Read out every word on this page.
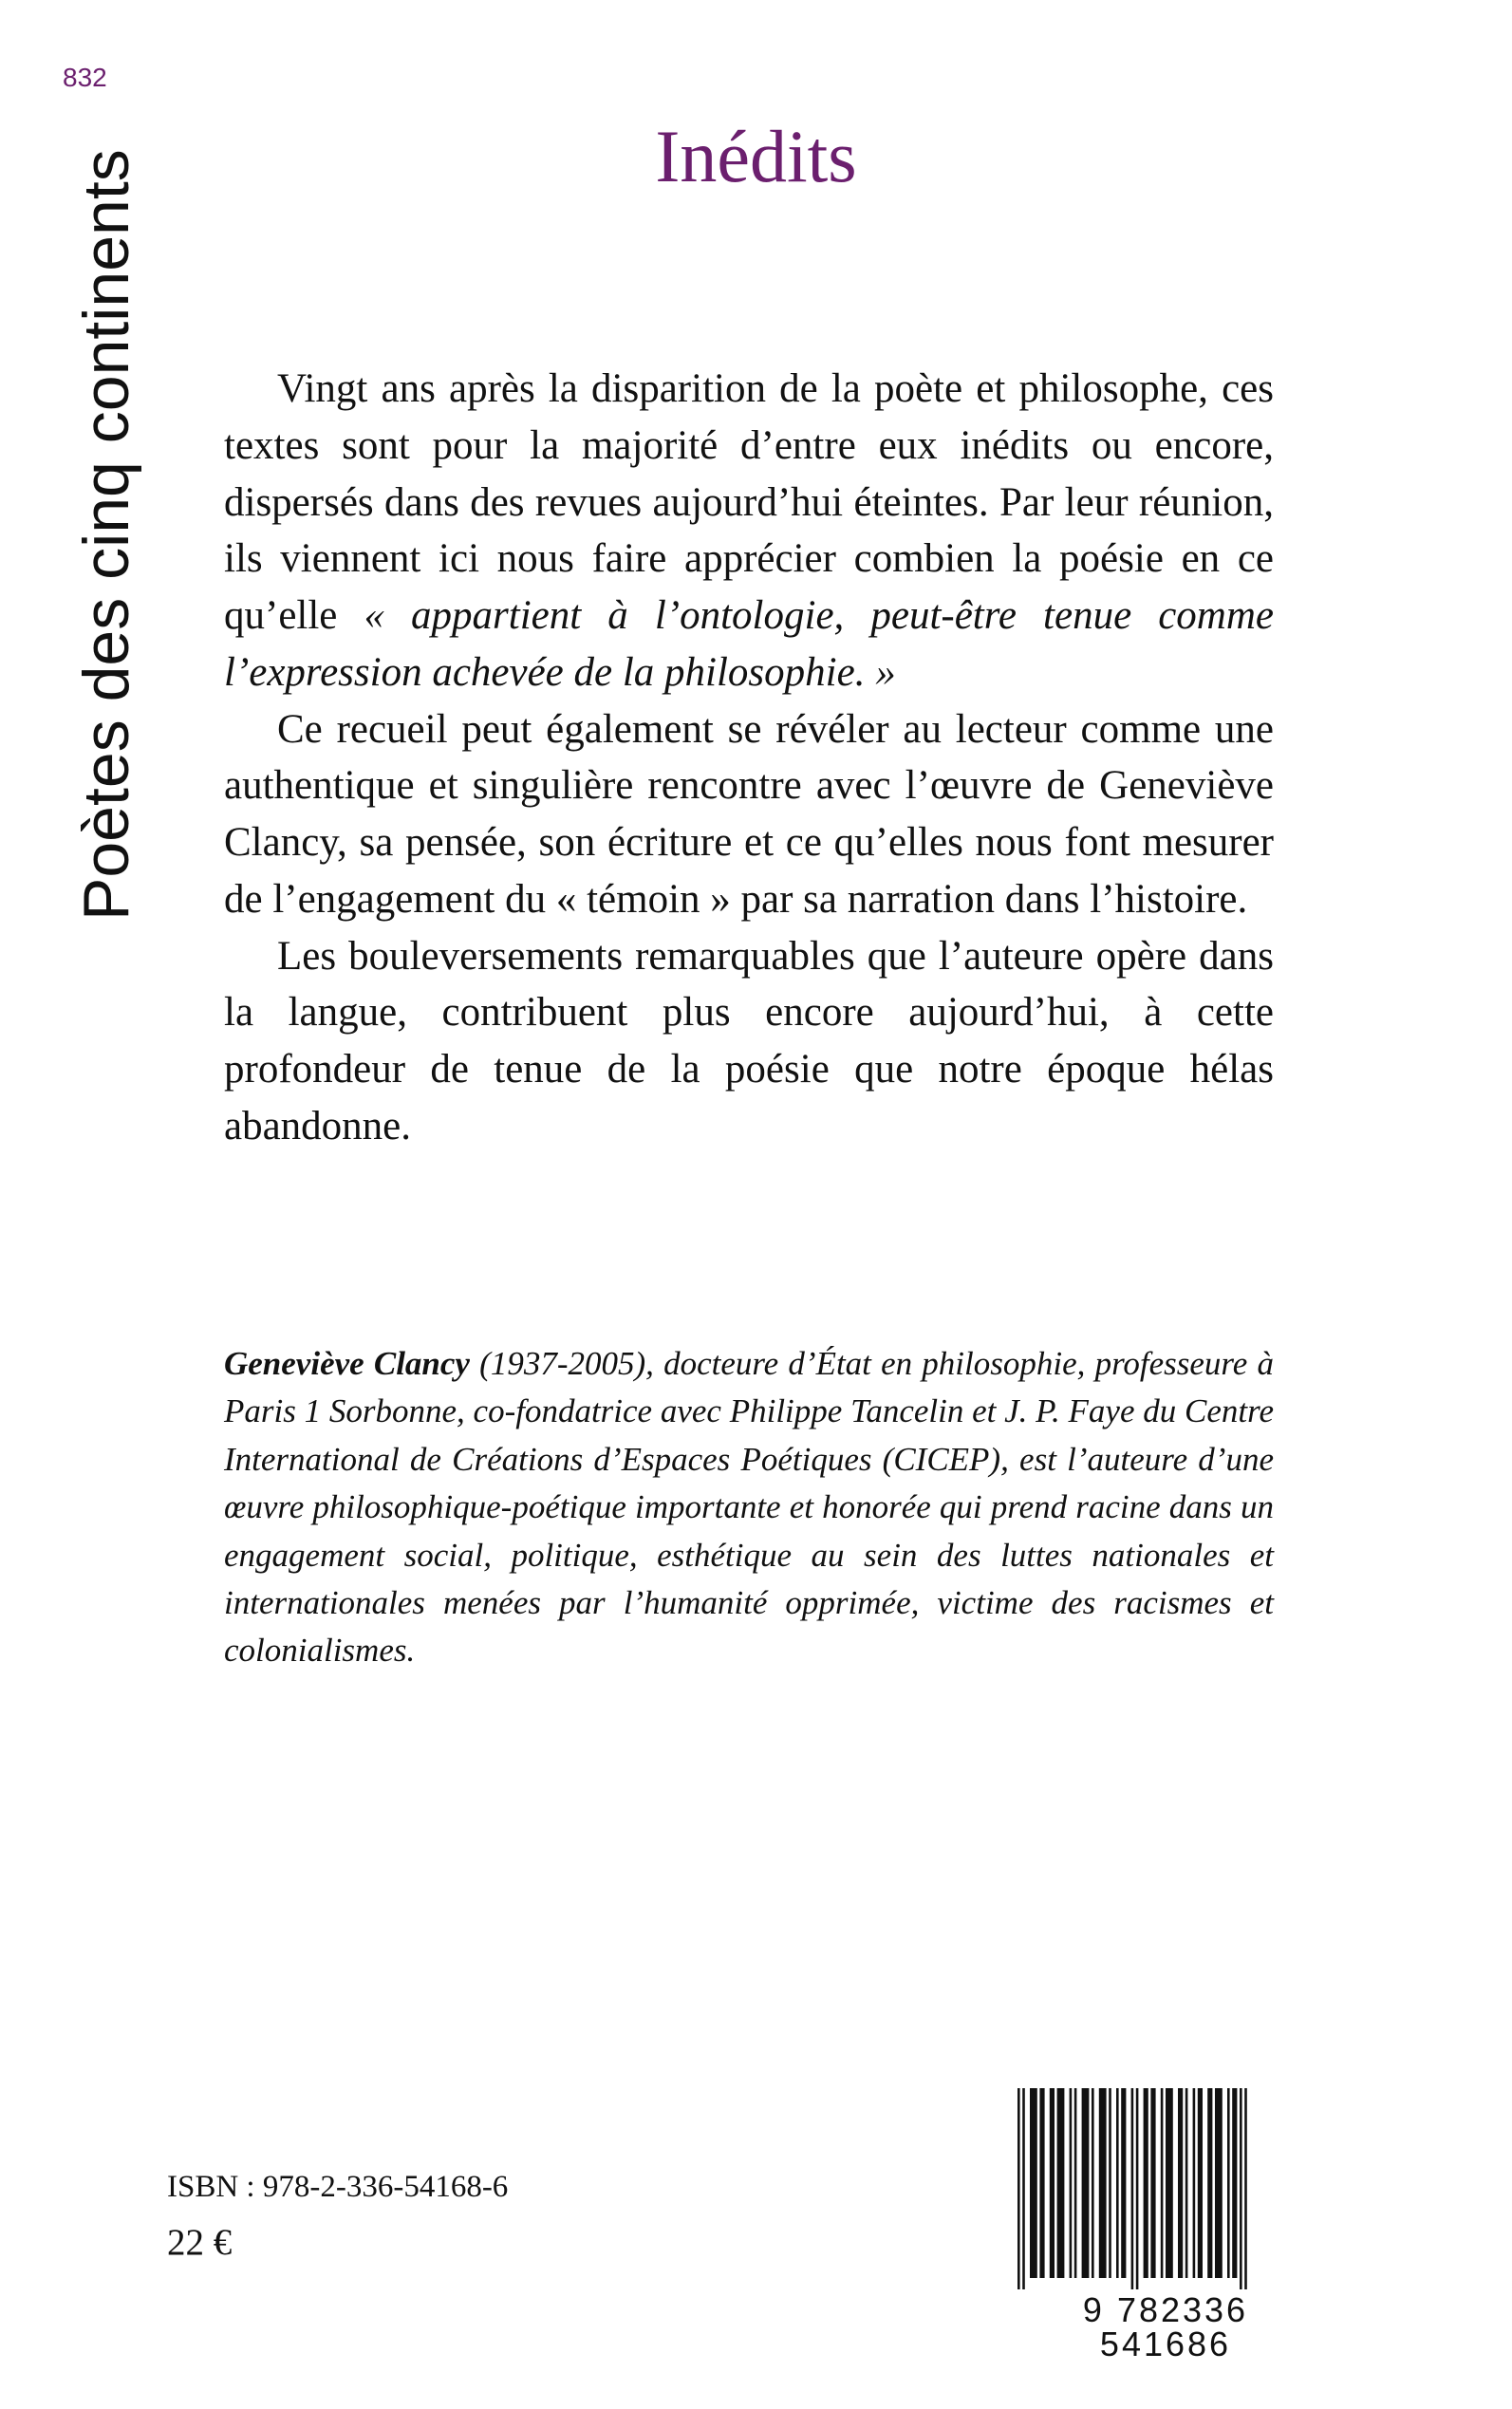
832

Poètes des cinq continents	Inédits

Vingt ans après la disparition de la poète et philosophe, ces textes sont pour la majorité d’entre eux inédits ou encore, dispersés dans des revues aujourd’hui éteintes. Par leur réunion, ils viennent ici nous faire apprécier combien la poésie en ce qu’elle « appartient à l’ontologie, peut-être tenue comme l’expression achevée de la philosophie. »

Ce recueil peut également se révéler au lecteur comme une authentique et singulière rencontre avec l’œuvre de Geneviève Clancy, sa pensée, son écriture et ce qu’elles nous font mesurer de l’engagement du « témoin » par sa narration dans l’histoire.

Les bouleversements remarquables que l’auteure opère dans la langue, contribuent plus encore aujourd’hui, à cette profondeur de tenue de la poésie que notre époque hélas abandonne.

Geneviève Clancy (1937-2005), docteure d’État en philosophie, professeure à Paris 1 Sorbonne, co-fondatrice avec Philippe Tancelin et J. P. Faye du Centre International de Créations d’Espaces Poétiques (CICEP), est l’auteure d’une œuvre philosophique-poétique importante et honorée qui prend racine dans un engagement social, politique, esthétique au sein des luttes nationales et internationales menées par l’humanité opprimée, victime des racismes et colonialismes.

ISBN : 978-2-336-54168-6

22 €

9 782336 541686
